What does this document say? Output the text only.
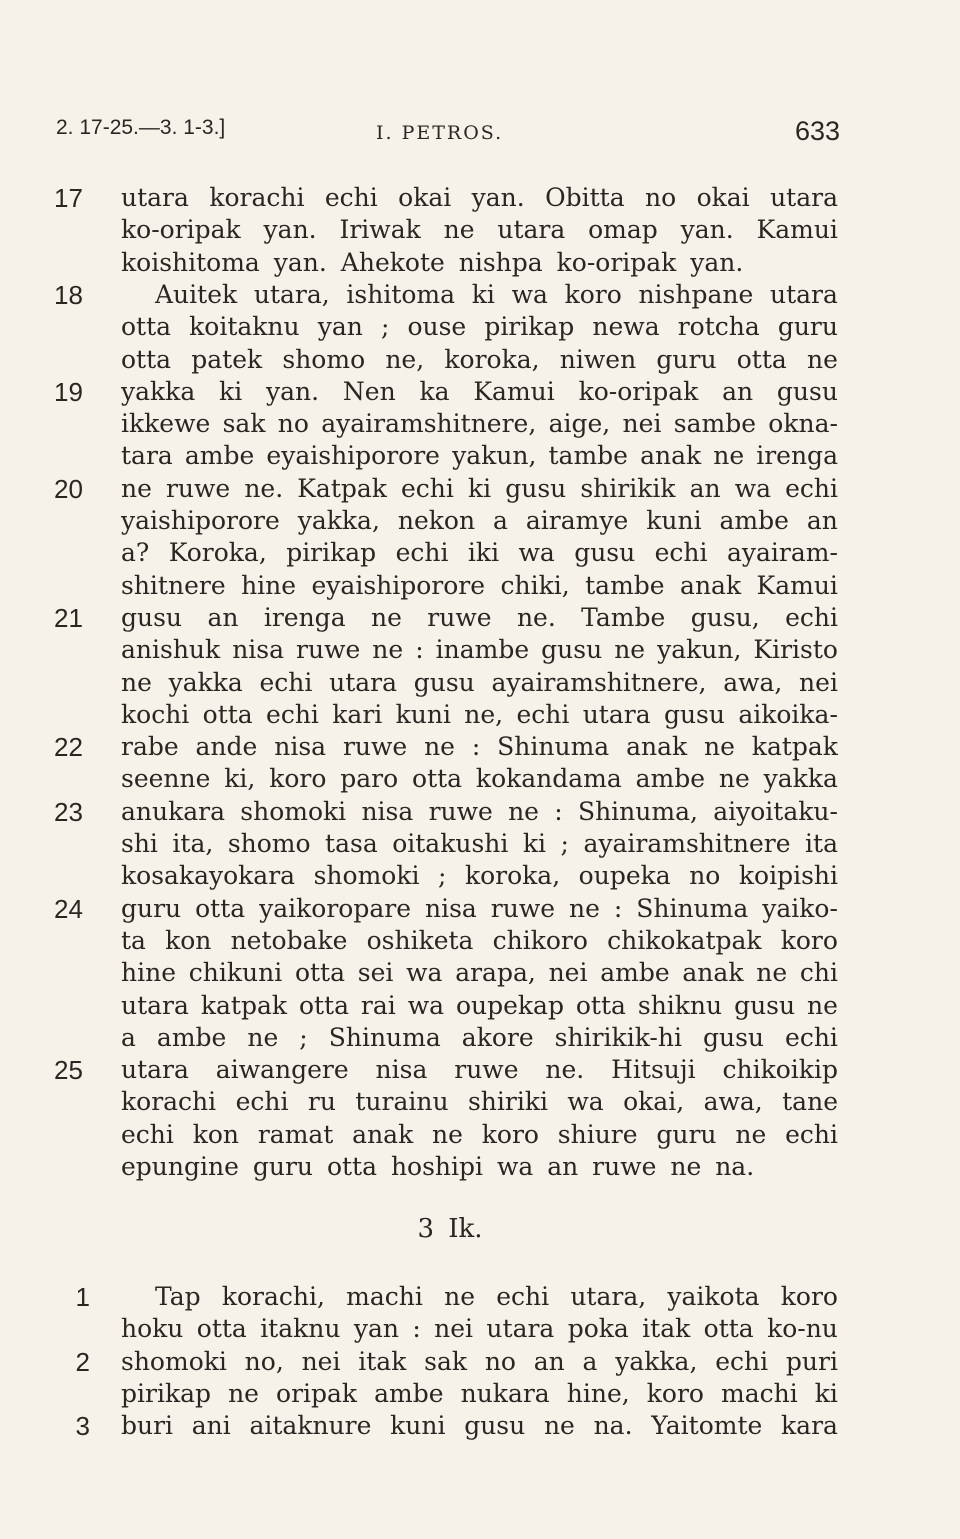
2. 17-25.—3. 1-3.]	I. PETROS.	633
utara korachi echi okai yan. Obitta no okai utara
17
ko-oripak yan. Iriwak ne utara omap yan. Kamui
koishitoma yan. Ahekote nishpa ko-oripak yan.
Auitek utara, ishitoma ki wa koro nishpane utara
18
otta koitaknu yan ; ouse pirikap newa rotcha guru
otta patek shomo ne, koroka, niwen guru otta ne
yakka ki yan. Nen ka Kamui ko-oripak an gusu
19
ikkewe sak no ayairamshitnere, aige, nei sambe okna-
tara ambe eyaishiporore yakun, tambe anak ne irenga
ne ruwe ne. Katpak echi ki gusu shirikik an wa echi
20
yaishiporore yakka, nekon a airamye kuni ambe an
a? Koroka, pirikap echi iki wa gusu echi ayairam-
shitnere hine eyaishiporore chiki, tambe anak Kamui
gusu an irenga ne ruwe ne. Tambe gusu, echi
21
anishuk nisa ruwe ne : inambe gusu ne yakun, Kiristo
ne yakka echi utara gusu ayairamshitnere, awa, nei
kochi otta echi kari kuni ne, echi utara gusu aikoika-
rabe ande nisa ruwe ne : Shinuma anak ne katpak
22
seenne ki, koro paro otta kokandama ambe ne yakka
anukara shomoki nisa ruwe ne : Shinuma, aiyoitaku-
23
shi ita, shomo tasa oitakushi ki ; ayairamshitnere ita
kosakayokara shomoki ; koroka, oupeka no koipishi
guru otta yaikoropare nisa ruwe ne : Shinuma yaiko-
24
ta kon netobake oshiketa chikoro chikokatpak koro
hine chikuni otta sei wa arapa, nei ambe anak ne chi
utara katpak otta rai wa oupekap otta shiknu gusu ne
a ambe ne ; Shinuma akore shirikik-hi gusu echi
utara aiwangere nisa ruwe ne. Hitsuji chikoikip
25
korachi echi ru turainu shiriki wa okai, awa, tane
echi kon ramat anak ne koro shiure guru ne echi
epungine guru otta hoshipi wa an ruwe ne na.
3 Ik.
Tap korachi, machi ne echi utara, yaikota koro
1
hoku otta itaknu yan : nei utara poka itak otta ko-nu
shomoki no, nei itak sak no an a yakka, echi puri
2
pirikap ne oripak ambe nukara hine, koro machi ki
buri ani aitaknure kuni gusu ne na. Yaitomte kara
3
